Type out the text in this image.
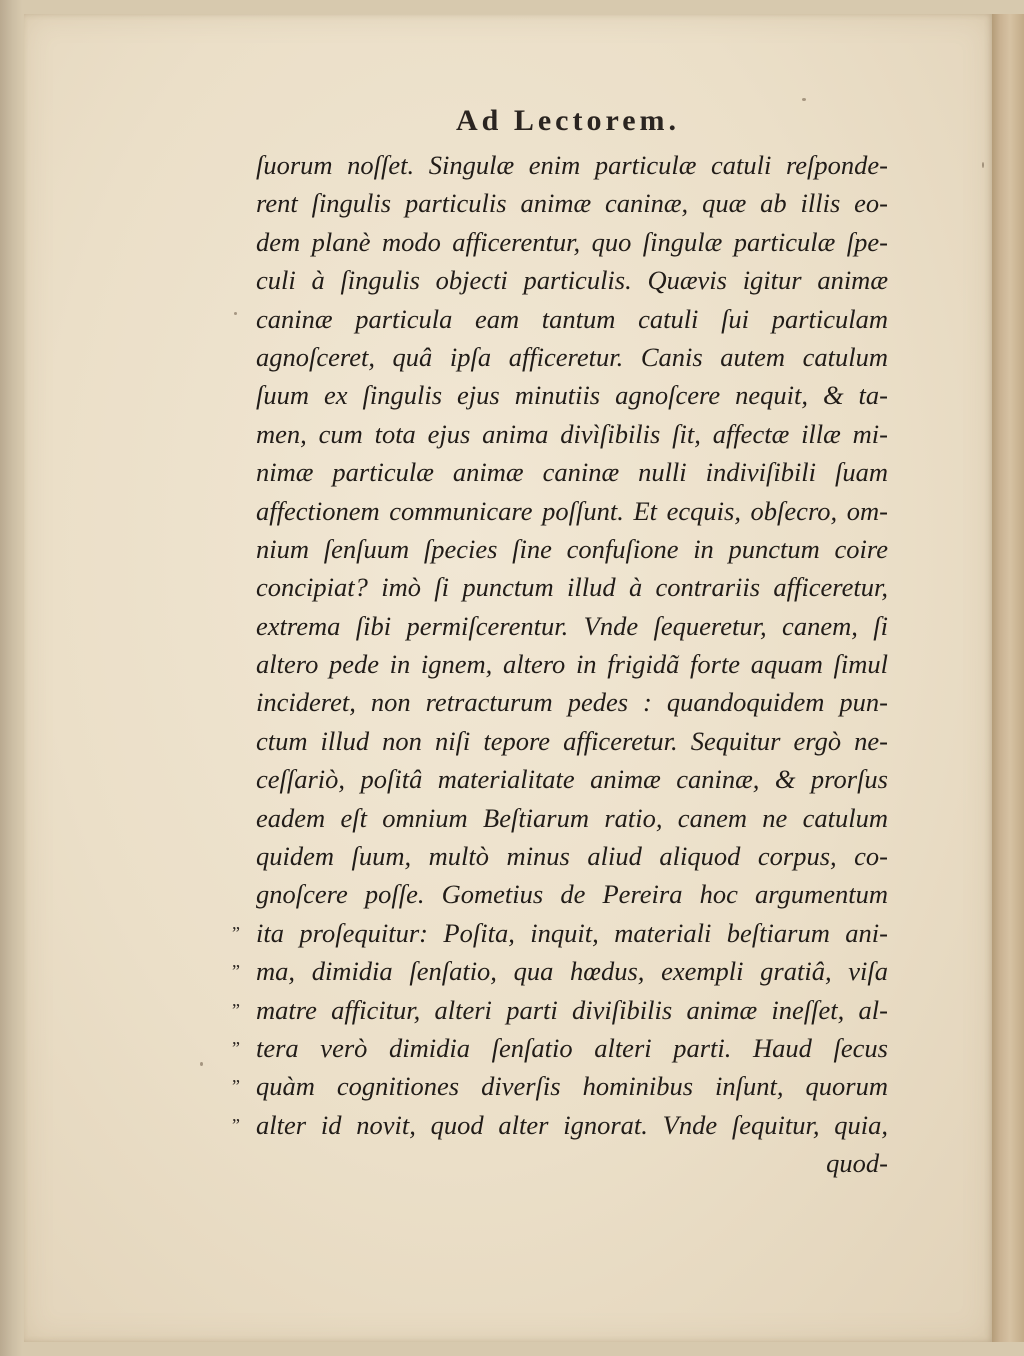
Ad Lectorem.
ſuorum noſſet. Singulæ enim particulæ catuli reſponde-
rent ſingulis particulis animæ caninæ, quæ ab illis eo-
dem planè modo afficerentur, quo ſingulæ particulæ ſpe-
culi à ſingulis objecti particulis. Quævis igitur animæ
caninæ particula eam tantum catuli ſui particulam
agnoſceret, quâ ipſa afficeretur. Canis autem catulum
ſuum ex ſingulis ejus minutiis agnoſcere nequit, & ta-
men, cum tota ejus anima divìſibilis ſit, affectæ illæ mi-
nimæ particulæ animæ caninæ nulli indiviſibili ſuam
affectionem communicare poſſunt. Et ecquis, obſecro, om-
nium ſenſuum ſpecies ſine confuſione in punctum coire
concipiat? imò ſi punctum illud à contrariis afficeretur,
extrema ſibi permiſcerentur. Vnde ſequeretur, canem, ſi
altero pede in ignem, altero in frigidã forte aquam ſimul
incideret, non retracturum pedes : quandoquidem pun-
ctum illud non niſi tepore afficeretur. Sequitur ergò ne-
ceſſariò, poſitâ materialitate animæ caninæ, & prorſus
eadem eſt omnium Beſtiarum ratio, canem ne catulum
quidem ſuum, multò minus aliud aliquod corpus, co-
gnoſcere poſſe. Gometius de Pereira hoc argumentum
” ita proſequitur: Poſita, inquit, materiali beſtiarum ani-
” ma, dimidia ſenſatio, qua hœdus, exempli gratiâ, viſa
” matre afficitur, alteri parti diviſibilis animæ ineſſet, al-
” tera verò dimidia ſenſatio alteri parti. Haud ſecus
” quàm cognitiones diverſis hominibus inſunt, quorum
” alter id novit, quod alter ignorat. Vnde ſequitur, quia,
quod-
